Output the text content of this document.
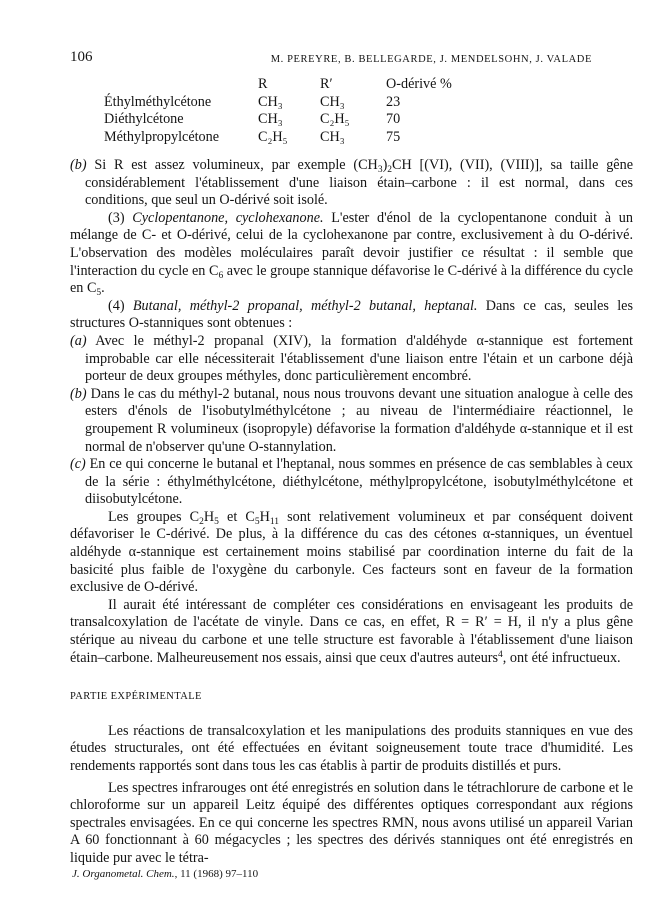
106	M. PEREYRE, B. BELLEGARDE, J. MENDELSOHN, J. VALADE
	R	R′	O-dérivé %
Éthylméthylcétone	CH₃	CH₃	23
Diéthylcétone	CH₃	C₂H₅	70
Méthylpropylcétone	C₂H₅	CH₃	75

(b) Si R est assez volumineux, par exemple $(CH_3)_2CH$ [(VI), (VII), (VIII)], sa taille gêne considérablement l'établissement d'une liaison étain–carbone : il est normal, dans ces conditions, que seul un O-dérivé soit isolé.

(3) Cyclopentanone, cyclohexanone. L'ester d'énol de la cyclopentanone conduit à un mélange de C- et O-dérivé, celui de la cyclohexanone par contre, exclusivement à du O-dérivé. L'observation des modèles moléculaires paraît devoir justifier ce résultat : il semble que l'interaction du cycle en $C_6$ avec le groupe stannique défavorise le C-dérivé à la différence du cycle en $C_5$.

(4) Butanal, méthyl-2 propanal, méthyl-2 butanal, heptanal. Dans ce cas, seules les structures O-stanniques sont obtenues :

(a) Avec le méthyl-2 propanal (XIV), la formation d'aldéhyde α-stannique est fortement improbable car elle nécessiterait l'établissement d'une liaison entre l'étain et un carbone déjà porteur de deux groupes méthyles, donc particulièrement encombré.

(b) Dans le cas du méthyl-2 butanal, nous nous trouvons devant une situation analogue à celle des esters d'énols de l'isobutylméthylcétone ; au niveau de l'intermédiaire réactionnel, le groupement R volumineux (isopropyle) défavorise la formation d'aldéhyde α-stannique et il est normal de n'observer qu'une O-stannylation.

(c) En ce qui concerne le butanal et l'heptanal, nous sommes en présence de cas semblables à ceux de la série : éthylméthylcétone, diéthylcétone, méthylpropylcétone, isobutylméthylcétone et diisobutylcétone.

Les groupes $C_2H_5$ et $C_5H_{11}$ sont relativement volumineux et par conséquent doivent défavoriser le C-dérivé. De plus, à la différence du cas des cétones α-stanniques, un éventuel aldéhyde α-stannique est certainement moins stabilisé par coordination interne du fait de la basicité plus faible de l'oxygène du carbonyle. Ces facteurs sont en faveur de la formation exclusive de O-dérivé.

Il aurait été intéressant de compléter ces considérations en envisageant les produits de transalcoxylation de l'acétate de vinyle. Dans ce cas, en effet, R = R′ = H, il n'y a plus gêne stérique au niveau du carbone et une telle structure est favorable à l'établissement d'une liaison étain–carbone. Malheureusement nos essais, ainsi que ceux d'autres auteurs$^4$, ont été infructueux.

PARTIE EXPÉRIMENTALE

Les réactions de transalcoxylation et les manipulations des produits stanniques en vue des études structurales, ont été effectuées en évitant soigneusement toute trace d'humidité. Les rendements rapportés sont dans tous les cas établis à partir de produits distillés et purs.

Les spectres infrarouges ont été enregistrés en solution dans le tétrachlorure de carbone et le chloroforme sur un appareil Leitz équipé des différentes optiques correspondant aux régions spectrales envisagées. En ce qui concerne les spectres RMN, nous avons utilisé un appareil Varian A 60 fonctionnant à 60 mégacycles ; les spectres des dérivés stanniques ont été enregistrés en liquide pur avec le tétra-

J. Organometal. Chem., 11 (1968) 97–110
